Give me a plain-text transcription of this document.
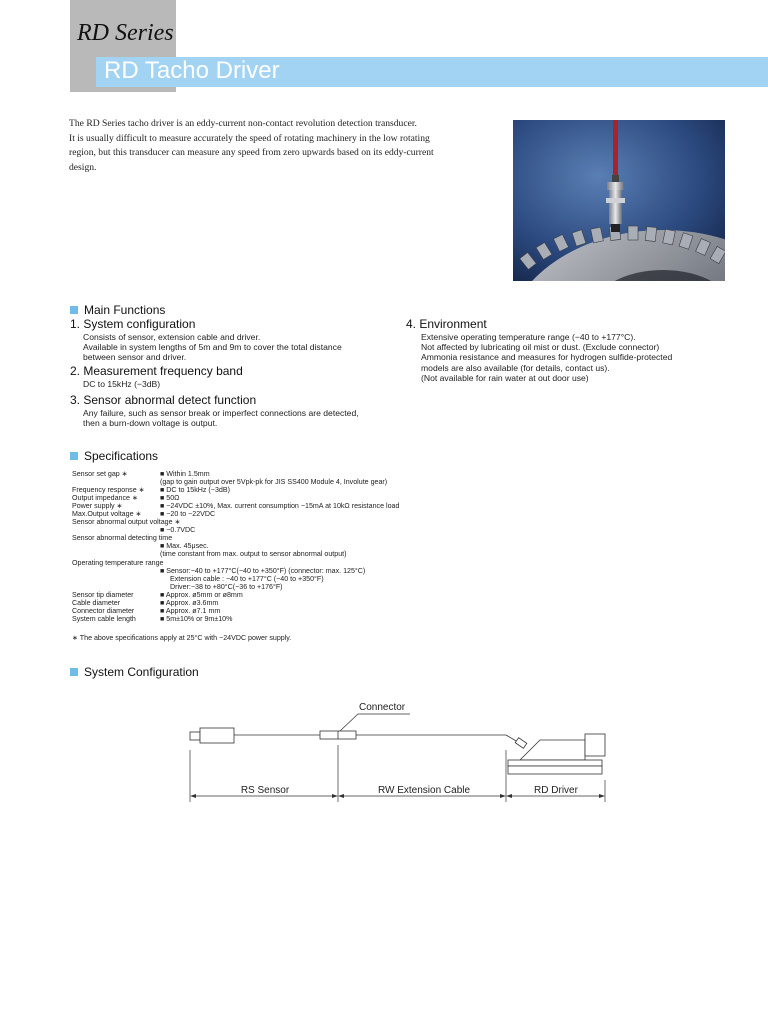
RD Series
RD Tacho Driver

The RD Series tacho driver is an eddy-current non-contact revolution detection transducer.

It is usually difficult to measure accurately the speed of rotating machinery in the low rotating region, but this transducer can measure any speed from zero upwards based on its eddy-current design.

Main Functions
1. System configuration
Consists of sensor, extension cable and driver.
Available in system lengths of 5m and 9m to cover the total distance
between sensor and driver.
2. Measurement frequency band
DC to 15kHz (−3dB)
3. Sensor abnormal detect function
Any failure, such as sensor break or imperfect connections are detected,
then a burn-down voltage is output.
4. Environment
Extensive operating temperature range (−40 to +177°C).
Not affected by lubricating oil mist or dust. (Exclude connector)
Ammonia resistance and measures for hydrogen sulfide-protected
models are also available (for details, contact us).
(Not available for rain water at out door use)
Specifications
Sensor set gap ∗	■ Within 1.5mm
(gap to gain output over 5Vpk-pk for JIS SS400 Module 4, Involute gear)
Frequency response ∗	■ DC to 15kHz (−3dB)
Output impedance ∗	■ 50Ω
Power supply ∗	■ −24VDC ±10%, Max. current consumption −15mA at 10kΩ resistance load
Max.Output voltage ∗	■ −20 to −22VDC
Sensor abnormal output voltage ∗
■ −0.7VDC
Sensor abnormal detecting time
■ Max. 45μsec.
(time constant from max. output to sensor abnormal output)
Operating temperature range
■ Sensor:−40 to +177°C(−40 to +350°F) (connector: max. 125°C)
Extension cable : −40 to +177°C (−40 to +350°F)
Driver:−38 to +80°C(−36 to +176°F)
Sensor tip diameter	■ Approx. ø5mm or ø8mm
Cable diameter	■ Approx. ø3.6mm
Connector diameter	■ Approx. ø7.1 mm
System cable length	■ 5m±10% or 9m±10%
∗ The above specifications apply at 25°C with −24VDC power supply.
System Configuration
Connector
RS Sensor	RW Extension Cable	RD Driver
